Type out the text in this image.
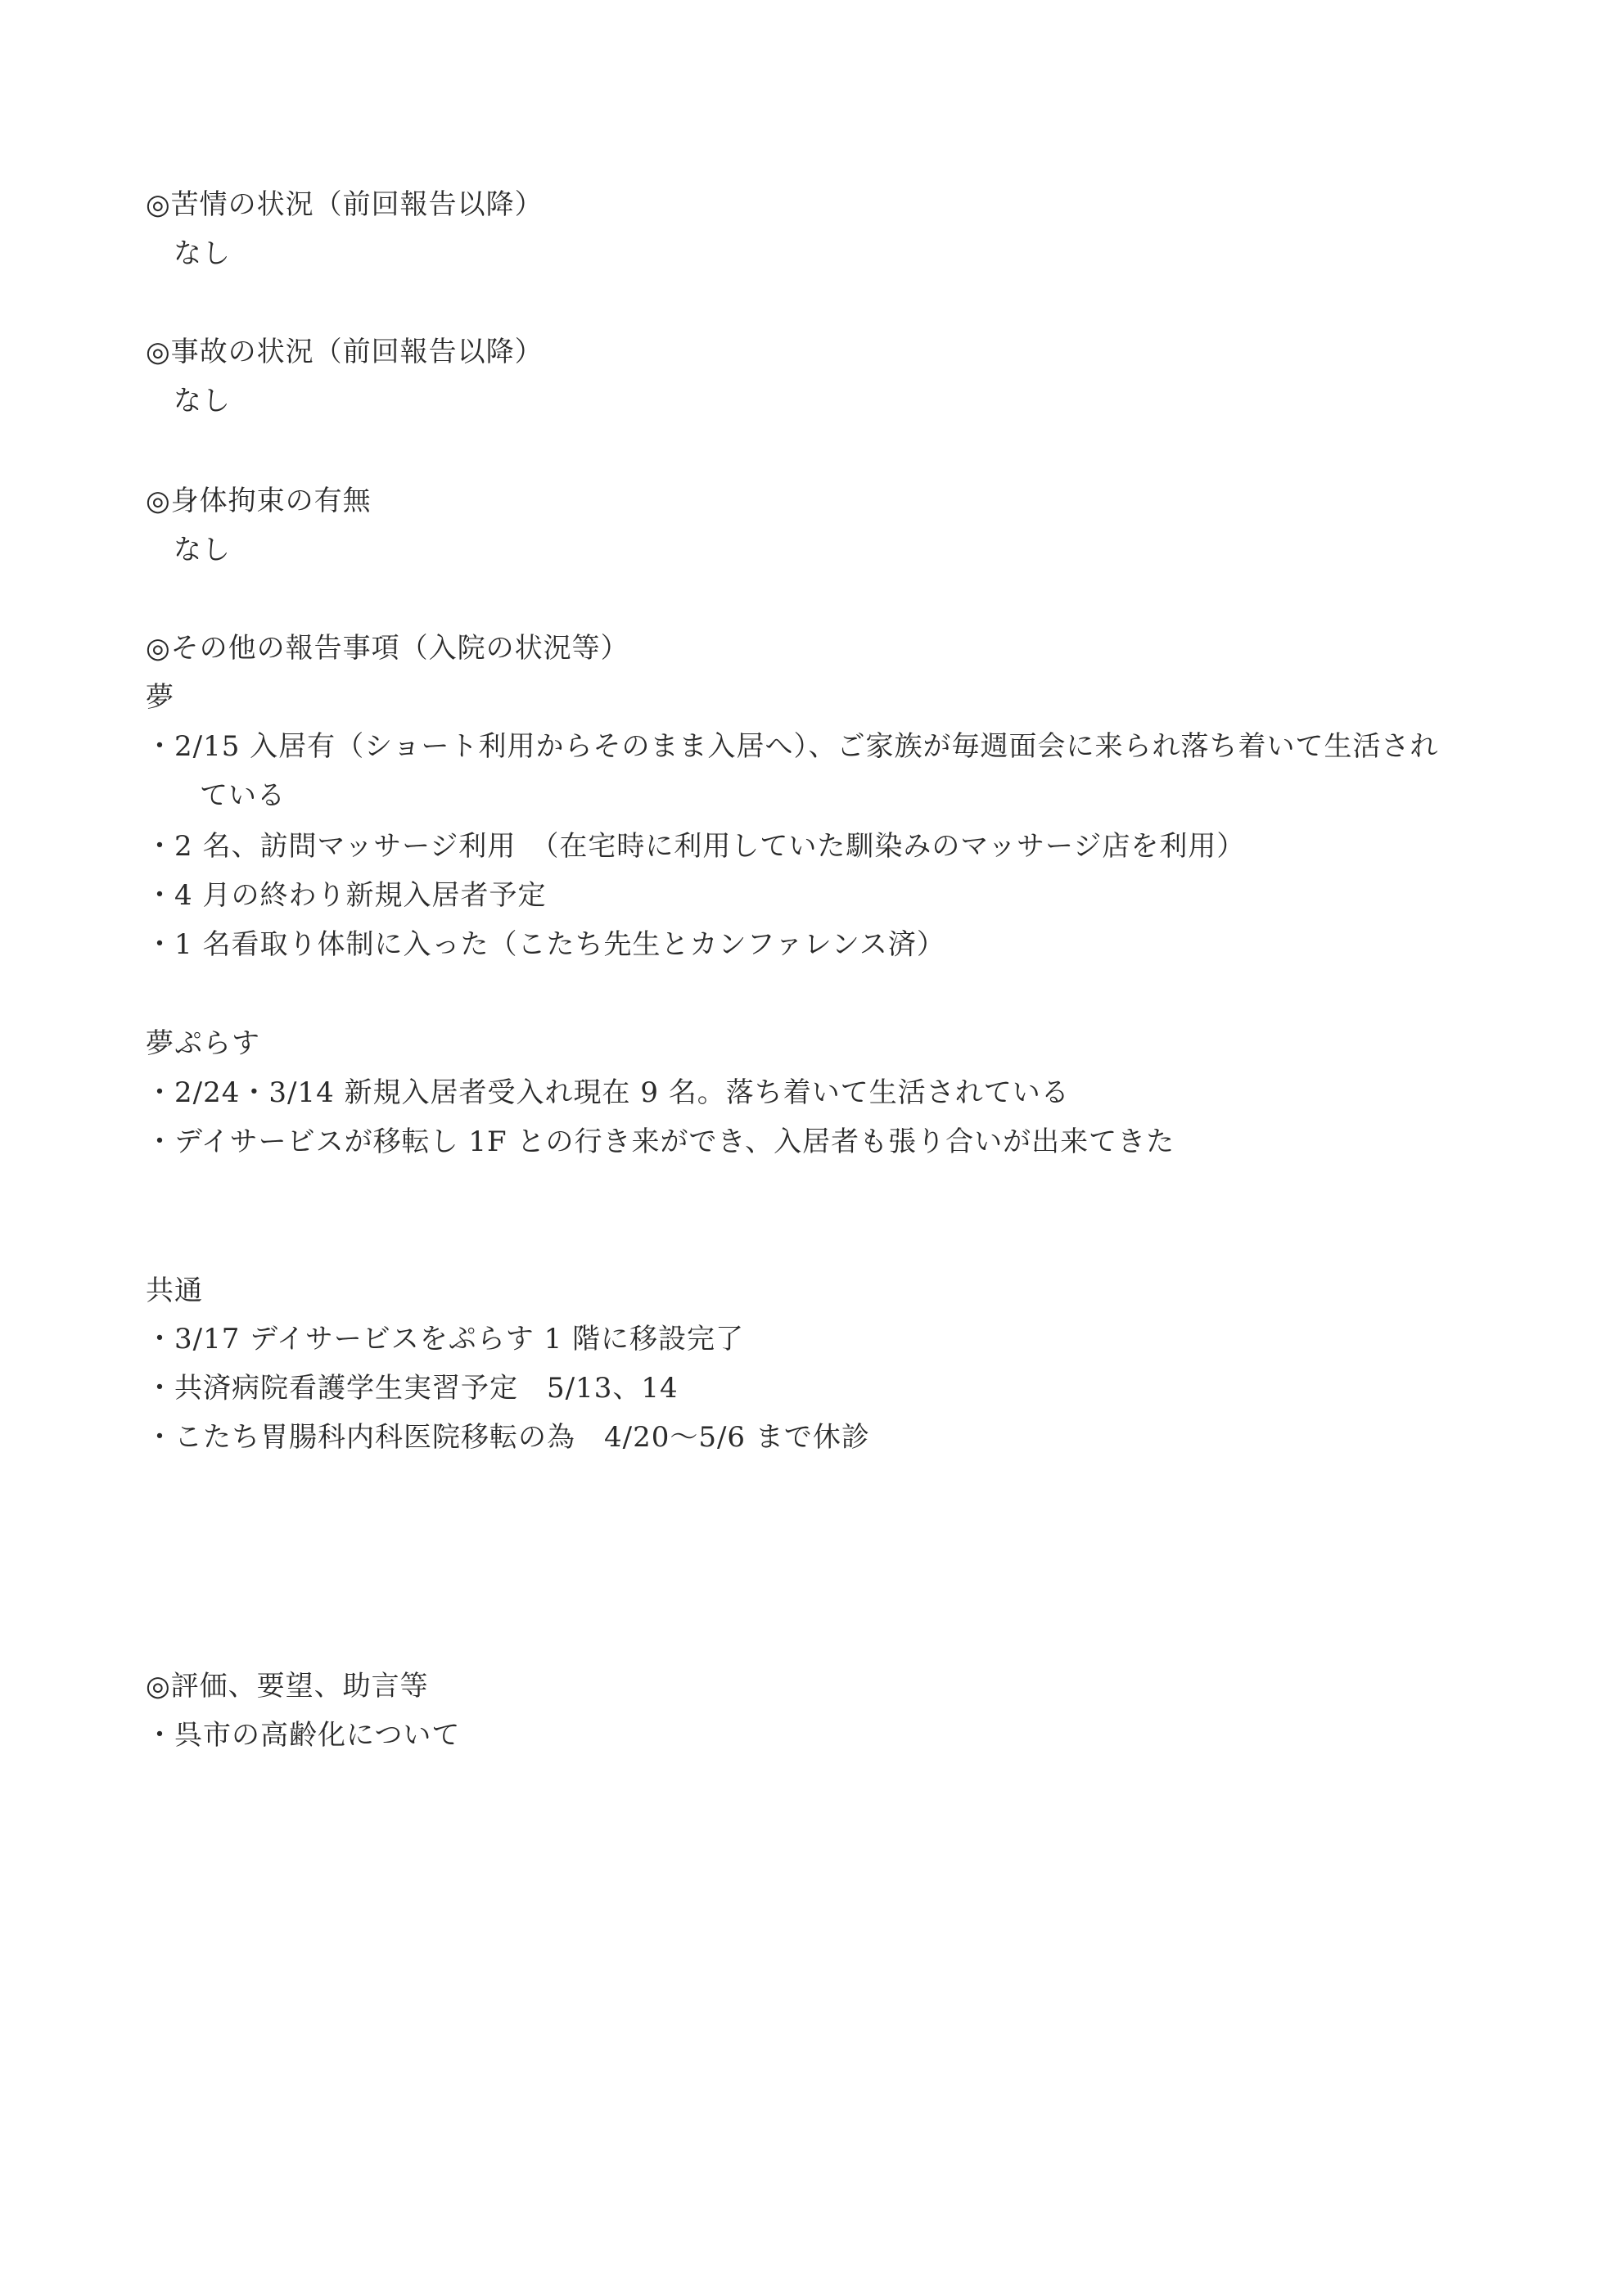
◎苦情の状況（前回報告以降）
なし
◎事故の状況（前回報告以降）
なし
◎身体拘束の有無
なし
◎その他の報告事項（入院の状況等）
夢
・2/15 入居有（ショート利用からそのまま入居へ）、ご家族が毎週面会に来られ落ち着いて生活され
ている
・2 名、訪問マッサージ利用　（在宅時に利用していた馴染みのマッサージ店を利用）
・4 月の終わり新規入居者予定
・1 名看取り体制に入った（こたち先生とカンファレンス済）
夢ぷらす
・2/24・3/14 新規入居者受入れ現在 9 名。落ち着いて生活されている
・デイサービスが移転し 1F との行き来ができ、入居者も張り合いが出来てきた
共通
・3/17 デイサービスをぷらす 1 階に移設完了
・共済病院看護学生実習予定　5/13、14
・こたち胃腸科内科医院移転の為　4/20～5/6 まで休診
◎評価、要望、助言等
・呉市の高齢化について
